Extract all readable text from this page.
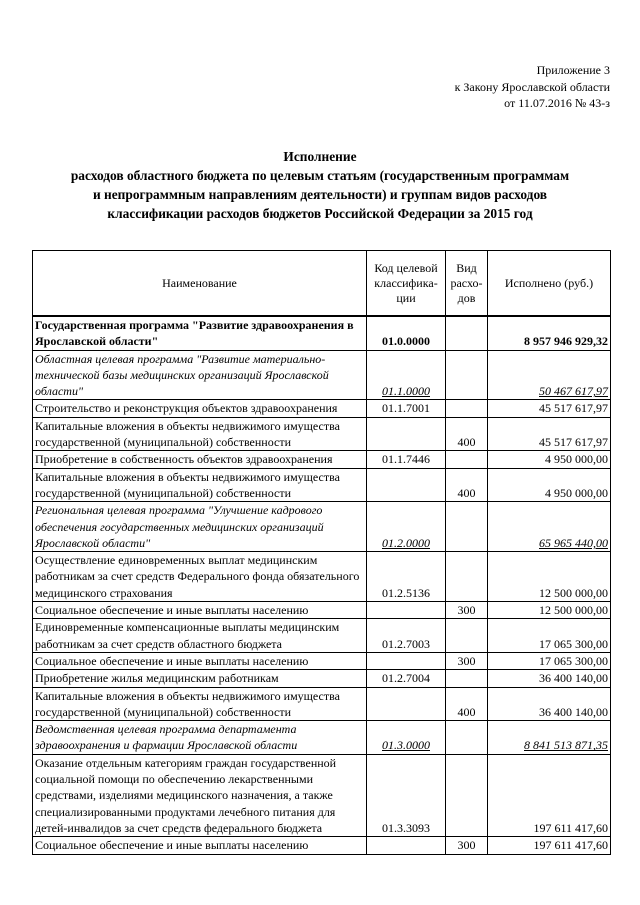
Приложение 3
к Закону Ярославской области
от 11.07.2016 № 43-з
Исполнение
расходов областного бюджета по целевым статьям (государственным программам
и непрограммным направлениям деятельности) и группам видов расходов
классификации расходов бюджетов Российской Федерации за 2015 год
Наименование	Код целевой классифика-ции	Вид расхо-дов	Исполнено (руб.)
Государственная программа "Развитие здравоохранения в Ярославской области"	01.0.0000		8 957 946 929,32
Областная целевая программа "Развитие материально-технической базы медицинских организаций Ярославской области"	01.1.0000		50 467 617,97
Строительство и реконструкция объектов здравоохранения	01.1.7001		45 517 617,97
Капитальные вложения в объекты недвижимого имущества государственной (муниципальной) собственности		400	45 517 617,97
Приобретение в собственность объектов здравоохранения	01.1.7446		4 950 000,00
Капитальные вложения в объекты недвижимого имущества государственной (муниципальной) собственности		400	4 950 000,00
Региональная целевая программа "Улучшение кадрового обеспечения государственных медицинских организаций Ярославской области"	01.2.0000		65 965 440,00
Осуществление единовременных выплат медицинским работникам за счет средств Федерального фонда обязательного медицинского страхования	01.2.5136		12 500 000,00
Социальное обеспечение и иные выплаты населению		300	12 500 000,00
Единовременные компенсационные выплаты медицинским работникам за счет средств областного бюджета	01.2.7003		17 065 300,00
Социальное обеспечение и иные выплаты населению		300	17 065 300,00
Приобретение жилья медицинским работникам	01.2.7004		36 400 140,00
Капитальные вложения в объекты недвижимого имущества государственной (муниципальной) собственности		400	36 400 140,00
Ведомственная целевая программа департамента здравоохранения и фармации Ярославской области	01.3.0000		8 841 513 871,35
Оказание отдельным категориям граждан государственной социальной помощи по обеспечению лекарственными средствами, изделиями медицинского назначения, а также специализированными продуктами лечебного питания для детей-инвалидов за счет средств федерального бюджета	01.3.3093		197 611 417,60
Социальное обеспечение и иные выплаты населению		300	197 611 417,60
